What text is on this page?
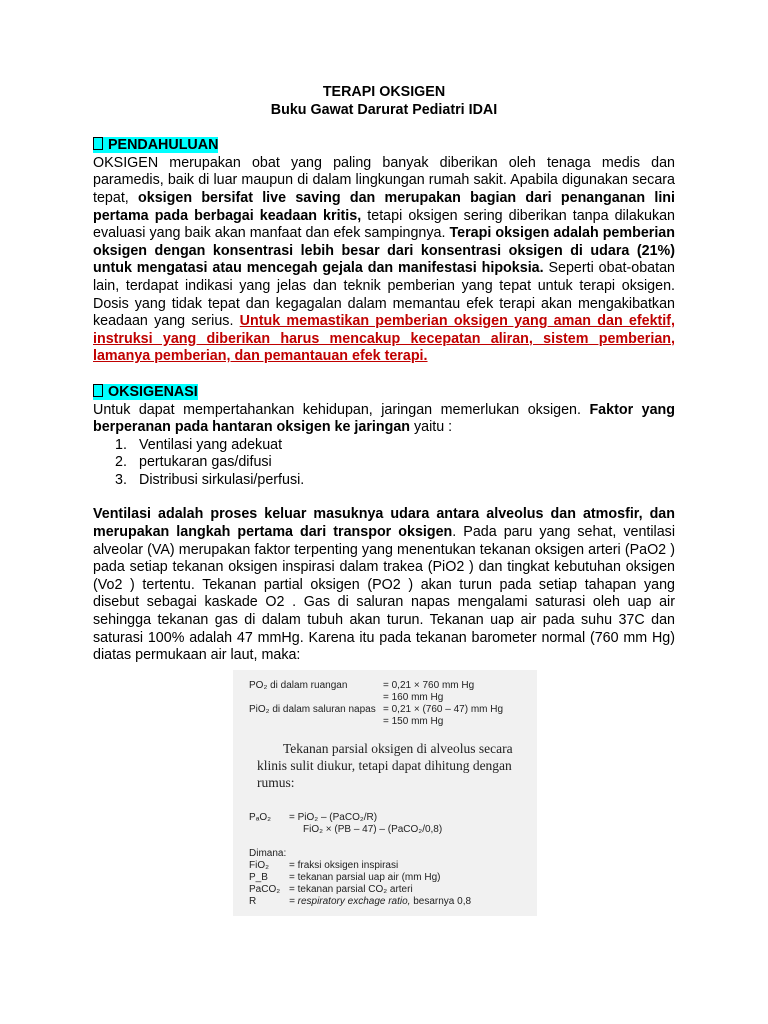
TERAPI OKSIGEN

Buku Gawat Darurat Pediatri IDAI

PENDAHULUAN

OKSIGEN merupakan obat yang paling banyak diberikan oleh tenaga medis dan paramedis, baik di luar maupun di dalam lingkungan rumah sakit. Apabila digunakan secara tepat, oksigen bersifat live saving dan merupakan bagian dari penanganan lini pertama pada berbagai keadaan kritis, tetapi oksigen sering diberikan tanpa dilakukan evaluasi yang baik akan manfaat dan efek sampingnya. Terapi oksigen adalah pemberian oksigen dengan konsentrasi lebih besar dari konsentrasi oksigen di udara (21%) untuk mengatasi atau mencegah gejala dan manifestasi hipoksia. Seperti obat-obatan lain, terdapat indikasi yang jelas dan teknik pemberian yang tepat untuk terapi oksigen. Dosis yang tidak tepat dan kegagalan dalam memantau efek terapi akan mengakibatkan keadaan yang serius. Untuk memastikan pemberian oksigen yang aman dan efektif, instruksi yang diberikan harus mencakup kecepatan aliran, sistem pemberian, lamanya pemberian, dan pemantauan efek terapi.

OKSIGENASI

Untuk dapat mempertahankan kehidupan, jaringan memerlukan oksigen. Faktor yang berperanan pada hantaran oksigen ke jaringan yaitu :

1. Ventilasi yang adekuat
2. pertukaran gas/difusi
3. Distribusi sirkulasi/perfusi.

Ventilasi adalah proses keluar masuknya udara antara alveolus dan atmosfir, dan merupakan langkah pertama dari transpor oksigen. Pada paru yang sehat, ventilasi alveolar (VA) merupakan faktor terpenting yang menentukan tekanan oksigen arteri (PaO2 ) pada setiap tekanan oksigen inspirasi dalam trakea (PiO2 ) dan tingkat kebutuhan oksigen (Vo2 ) tertentu. Tekanan partial oksigen (PO2 ) akan turun pada setiap tahapan yang disebut sebagai kaskade O2 . Gas di saluran napas mengalami saturasi oleh uap air sehingga tekanan gas di dalam tubuh akan turun. Tekanan uap air pada suhu 37C dan saturasi 100% adalah 47 mmHg. Karena itu pada tekanan barometer normal (760 mm Hg) diatas permukaan air laut, maka:

PO₂ di dalam ruangan	= 0,21 × 760 mm Hg
= 160 mm Hg
PiO₂ di dalam saluran napas = 0,21 × (760 – 47) mm Hg
= 150 mm Hg
Tekanan parsial oksigen di alveolus secara klinis sulit diukur, tetapi dapat dihitung dengan rumus:
PₐO₂ = PiO₂ – (PaCO₂/R)
FiO₂ × (PB – 47) – (PaCO₂/0,8)
Dimana:
FiO₂ = fraksi oksigen inspirasi
P_B = tekanan parsial uap air (mm Hg)
PaCO₂ = tekanan parsial CO₂ arteri
R	= respiratory exchage ratio, besarnya 0,8
